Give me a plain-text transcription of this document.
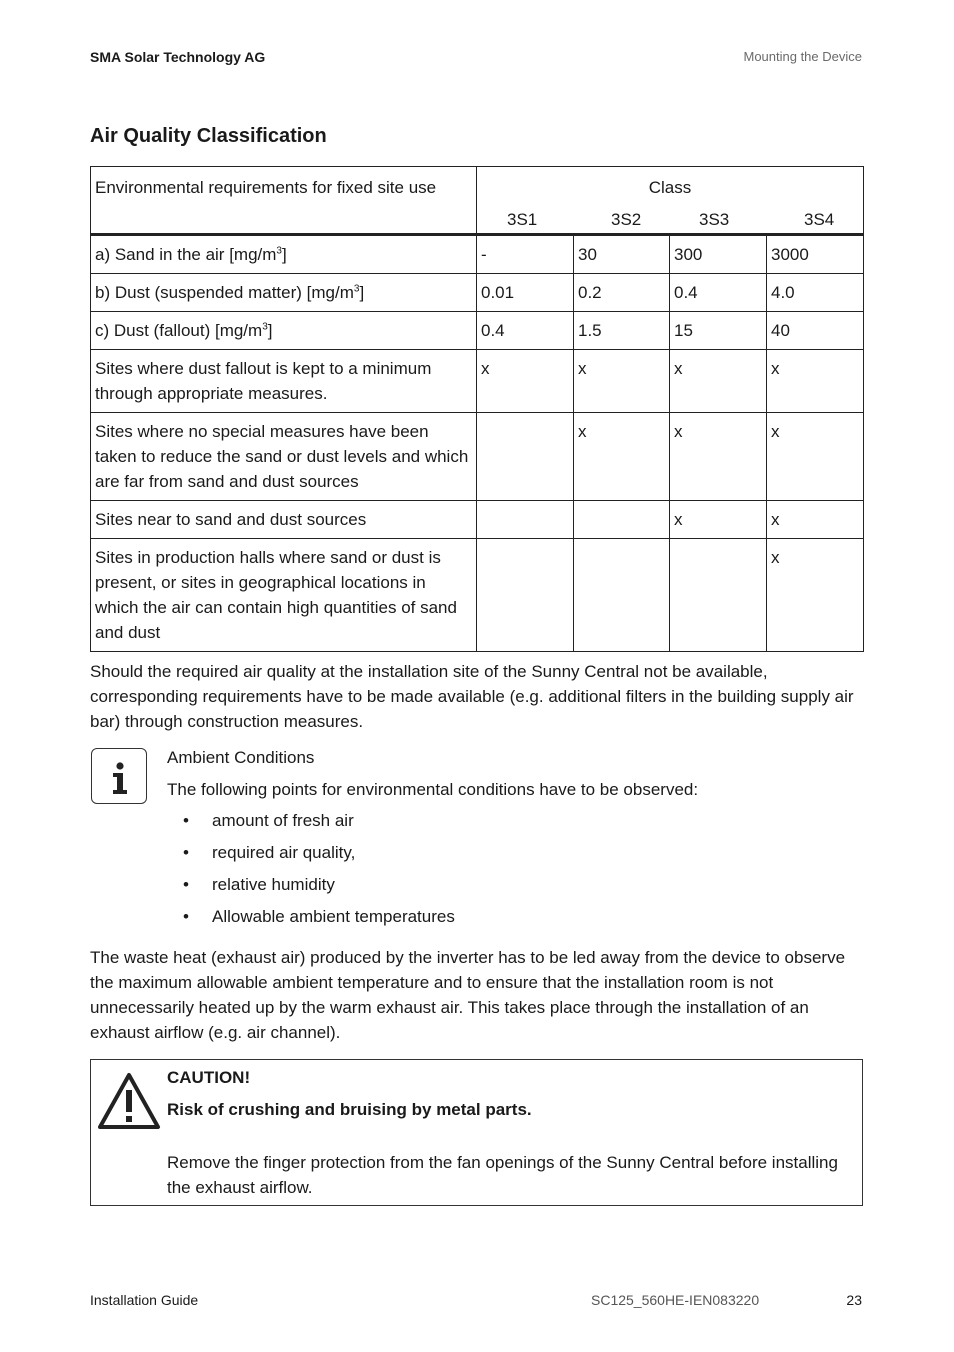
SMA Solar Technology AG	Mounting the Device
Air Quality Classification
Environmental requirements for fixed site use	Class
3S1 3S2 3S3 3S4			

a) Sand in the air $[mg/m^3]$	-	30	300	3000
b) Dust (suspended matter) $[mg/m^3]$	0.01	0.2	0.4	4.0
c) Dust (fallout) $[mg/m^3]$	0.4	1.5	15	40
Sites where dust fallout is kept to a minimum through appropriate measures.	x	x	x	x
Sites where no special measures have been taken to reduce the sand or dust levels and which are far from sand and dust sources		x	x	x
Sites near to sand and dust sources			x	x
Sites in production halls where sand or dust is present, or sites in geographical locations in which the air can contain high quantities of sand and dust				x

Should the required air quality at the installation site of the Sunny Central not be available, corresponding requirements have to be made available (e.g. additional filters in the building supply air bar) through construction measures.

Ambient Conditions
The following points for environmental conditions have to be observed:
• amount of fresh air
• required air quality,
• relative humidity
• Allowable ambient temperatures

The waste heat (exhaust air) produced by the inverter has to be led away from the device to observe the maximum allowable ambient temperature and to ensure that the installation room is not unnecessarily heated up by the warm exhaust air. This takes place through the installation of an exhaust airflow (e.g. air channel).

CAUTION!
Risk of crushing and bruising by metal parts.
Remove the finger protection from the fan openings of the Sunny Central before installing the exhaust airflow.
Installation Guide	SC125_560HE-IEN083220	23
